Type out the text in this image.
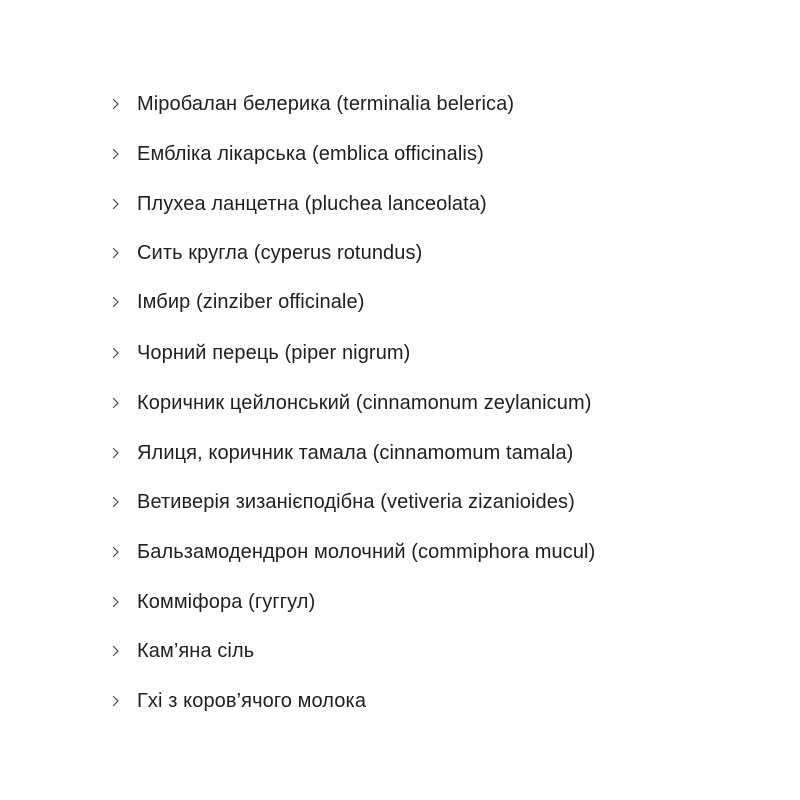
Міробалан белерика (terminalia belerica)
Емблiка лiкарська (emblica officinalis)
Плухеа ланцетна (pluchea lanceolata)
Сить кругла (cyperus rotundus)
Імбир (zinziber officinale)
Чорний перець (piper nigrum)
Коричник цейлонський (cinnamonum zeylanicum)
Ялиця, коричник тамала (cinnamomum tamala)
Ветиверія зизанієподібна (vetiveria zizanioides)
Бальзамодендрон молочний (commiphora mucul)
Комміфора (гуггул)
Кам’яна сіль
Гхі з коров’ячого молока
